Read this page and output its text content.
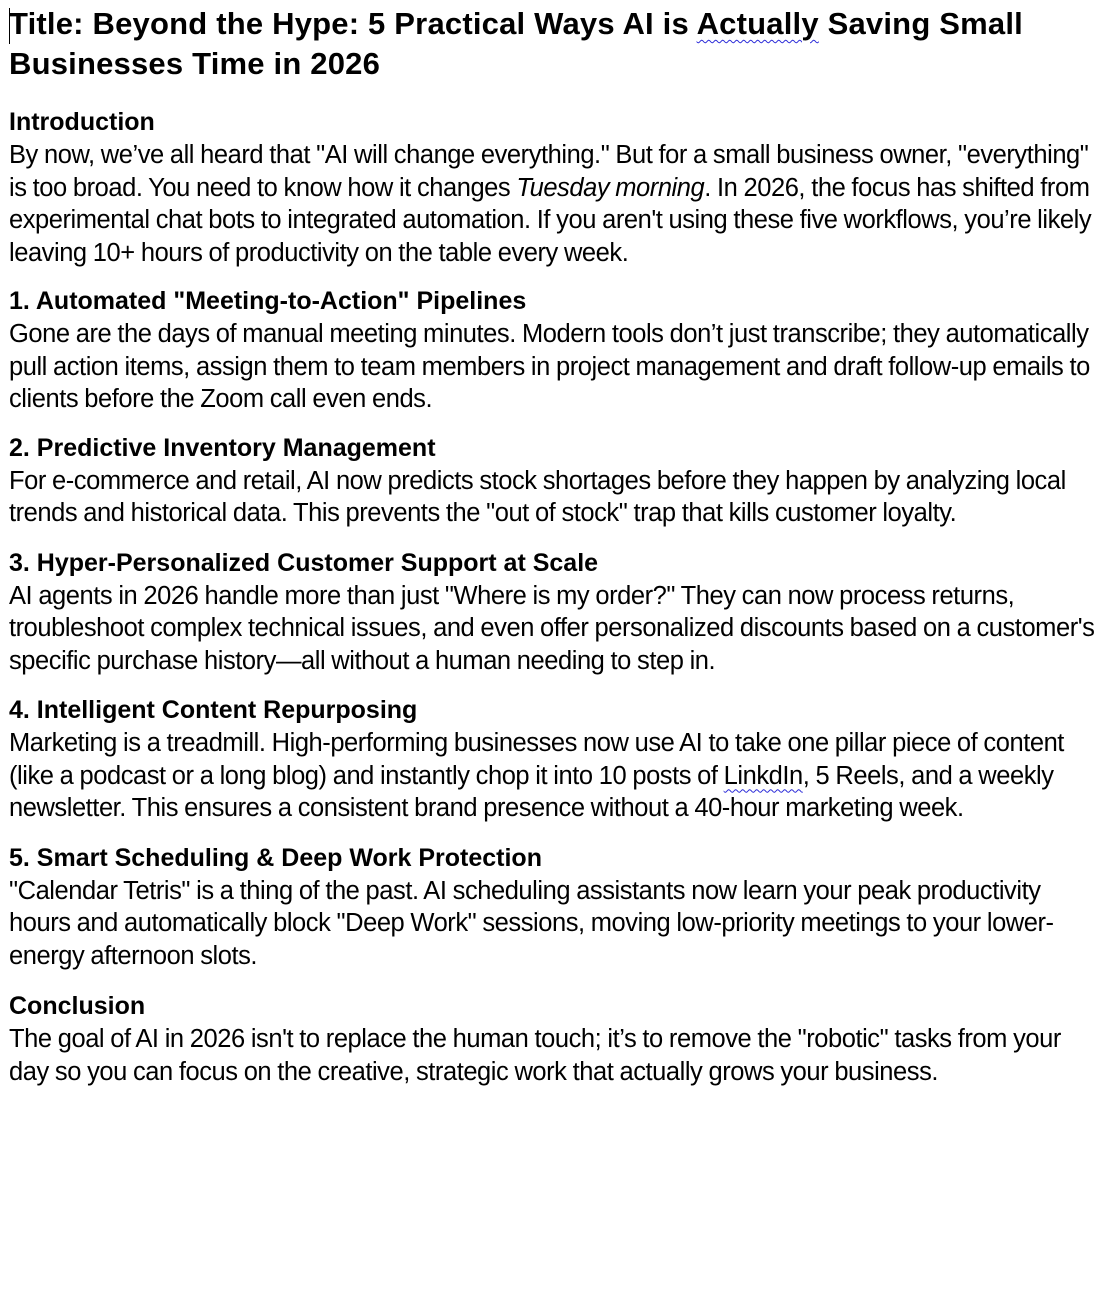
Title: Beyond the Hype: 5 Practical Ways AI is Actually Saving Small Businesses Time in 2026

Introduction

By now, we’ve all heard that "AI will change everything." But for a small business owner, "everything" is too broad. You need to know how it changes Tuesday morning. In 2026, the focus has shifted from experimental chat bots to integrated automation. If you aren't using these five workflows, you’re likely leaving 10+ hours of productivity on the table every week.

1. Automated "Meeting-to-Action" Pipelines

Gone are the days of manual meeting minutes. Modern tools don’t just transcribe; they automatically pull action items, assign them to team members in project management and draft follow-up emails to clients before the Zoom call even ends.

2. Predictive Inventory Management

For e-commerce and retail, AI now predicts stock shortages before they happen by analyzing local trends and historical data. This prevents the "out of stock" trap that kills customer loyalty.

3. Hyper-Personalized Customer Support at Scale

AI agents in 2026 handle more than just "Where is my order?" They can now process returns, troubleshoot complex technical issues, and even offer personalized discounts based on a customer's specific purchase history—all without a human needing to step in.

4. Intelligent Content Repurposing

Marketing is a treadmill. High-performing businesses now use AI to take one pillar piece of content (like a podcast or a long blog) and instantly chop it into 10 posts of LinkdIn, 5 Reels, and a weekly newsletter. This ensures a consistent brand presence without a 40-hour marketing week.

5. Smart Scheduling & Deep Work Protection

"Calendar Tetris" is a thing of the past. AI scheduling assistants now learn your peak productivity hours and automatically block "Deep Work" sessions, moving low-priority meetings to your lower-energy afternoon slots.

Conclusion

The goal of AI in 2026 isn't to replace the human touch; it’s to remove the "robotic" tasks from your day so you can focus on the creative, strategic work that actually grows your business.
